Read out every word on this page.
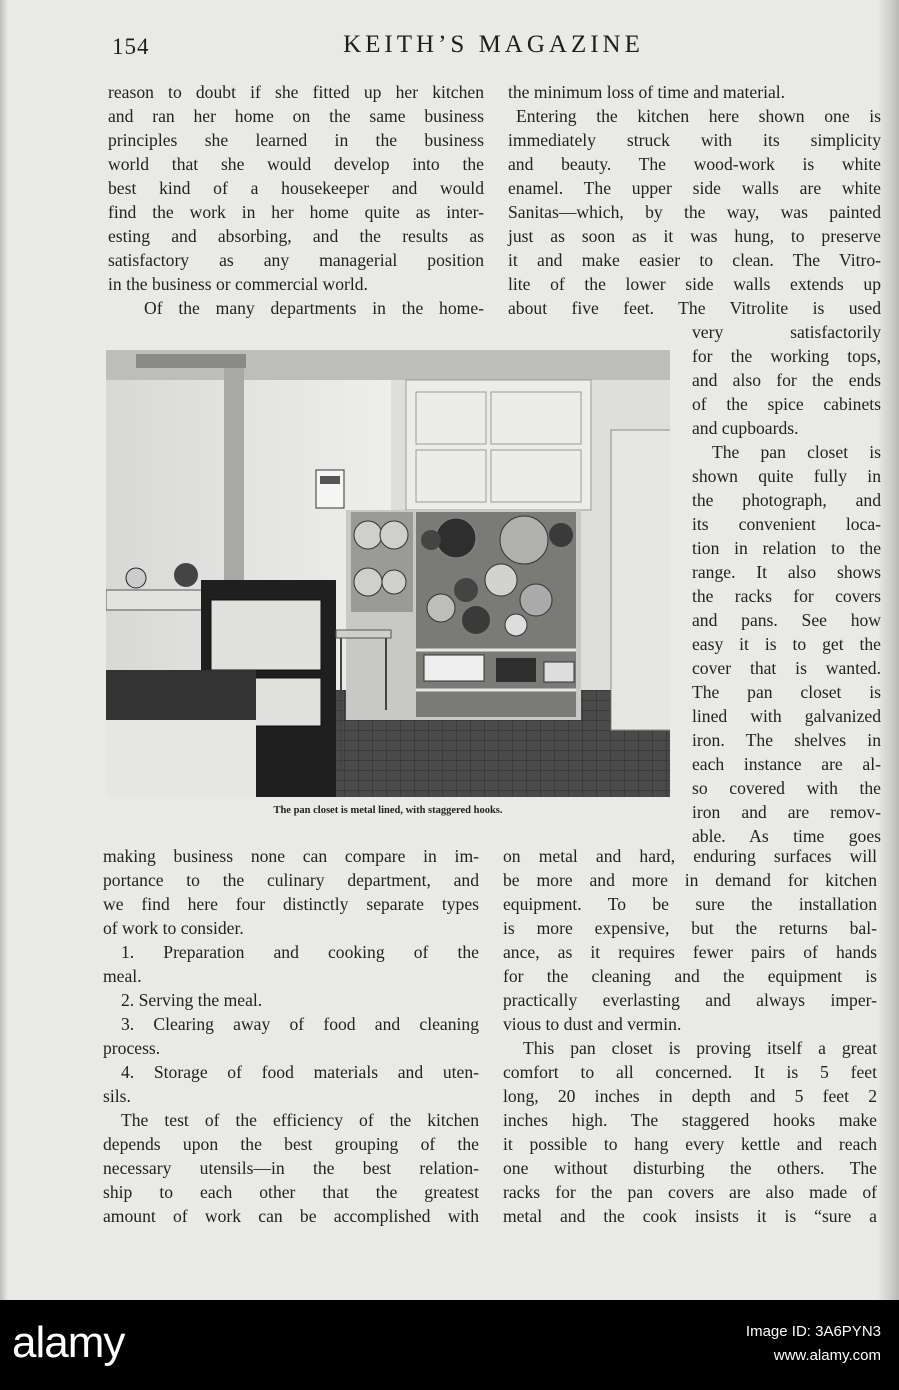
154	KEITH’S MAGAZINE
reason to doubt if she fitted up her kitchen
and ran her home on the same business
principles she learned in the business
world that she would develop into the
best kind of a housekeeper and would
find the work in her home quite as inter-
esting and absorbing, and the results as
satisfactory as any managerial position
in the business or commercial world.
Of the many departments in the home-
the minimum loss of time and material.
Entering the kitchen here shown one is
immediately struck with its simplicity
and beauty. The wood-work is white
enamel. The upper side walls are white
Sanitas—which, by the way, was painted
just as soon as it was hung, to preserve
it and make easier to clean. The Vitro-
lite of the lower side walls extends up
about five feet. The Vitrolite is used
The pan closet is metal lined, with staggered hooks.
very satisfactorily
for the working tops,
and also for the ends
of the spice cabinets
and cupboards.
The pan closet is
shown quite fully in
the photograph, and
its convenient loca-
tion in relation to the
range. It also shows
the racks for covers
and pans. See how
easy it is to get the
cover that is wanted.
The pan closet is
lined with galvanized
iron. The shelves in
each instance are al-
so covered with the
iron and are remov-
able. As time goes
making business none can compare in im-
portance to the culinary department, and
we find here four distinctly separate types
of work to consider.
1. Preparation and cooking of the
meal.
2. Serving the meal.
3. Clearing away of food and cleaning
process.
4. Storage of food materials and uten-
sils.
The test of the efficiency of the kitchen
depends upon the best grouping of the
necessary utensils—in the best relation-
ship to each other that the greatest
amount of work can be accomplished with
on metal and hard, enduring surfaces will
be more and more in demand for kitchen
equipment. To be sure the installation
is more expensive, but the returns bal-
ance, as it requires fewer pairs of hands
for the cleaning and the equipment is
practically everlasting and always imper-
vious to dust and vermin.
This pan closet is proving itself a great
comfort to all concerned. It is 5 feet
long, 20 inches in depth and 5 feet 2
inches high. The staggered hooks make
it possible to hang every kettle and reach
one without disturbing the others. The
racks for the pan covers are also made of
metal and the cook insists it is “sure a
alamy	Image ID: 3A6PYN3
www.alamy.com
